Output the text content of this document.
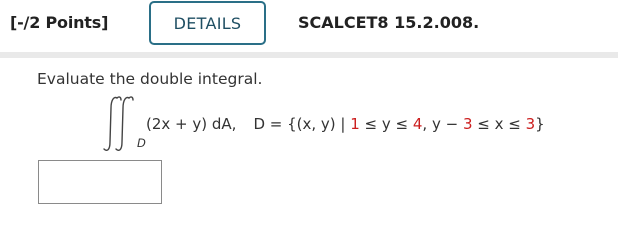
[-/2 Points]	DETAILS	SCALCET8 15.2.008.
Evaluate the double integral.
D
(2x + y) dA, D = {(x, y) | 1 ≤ y ≤ 4, y − 3 ≤ x ≤ 3}
